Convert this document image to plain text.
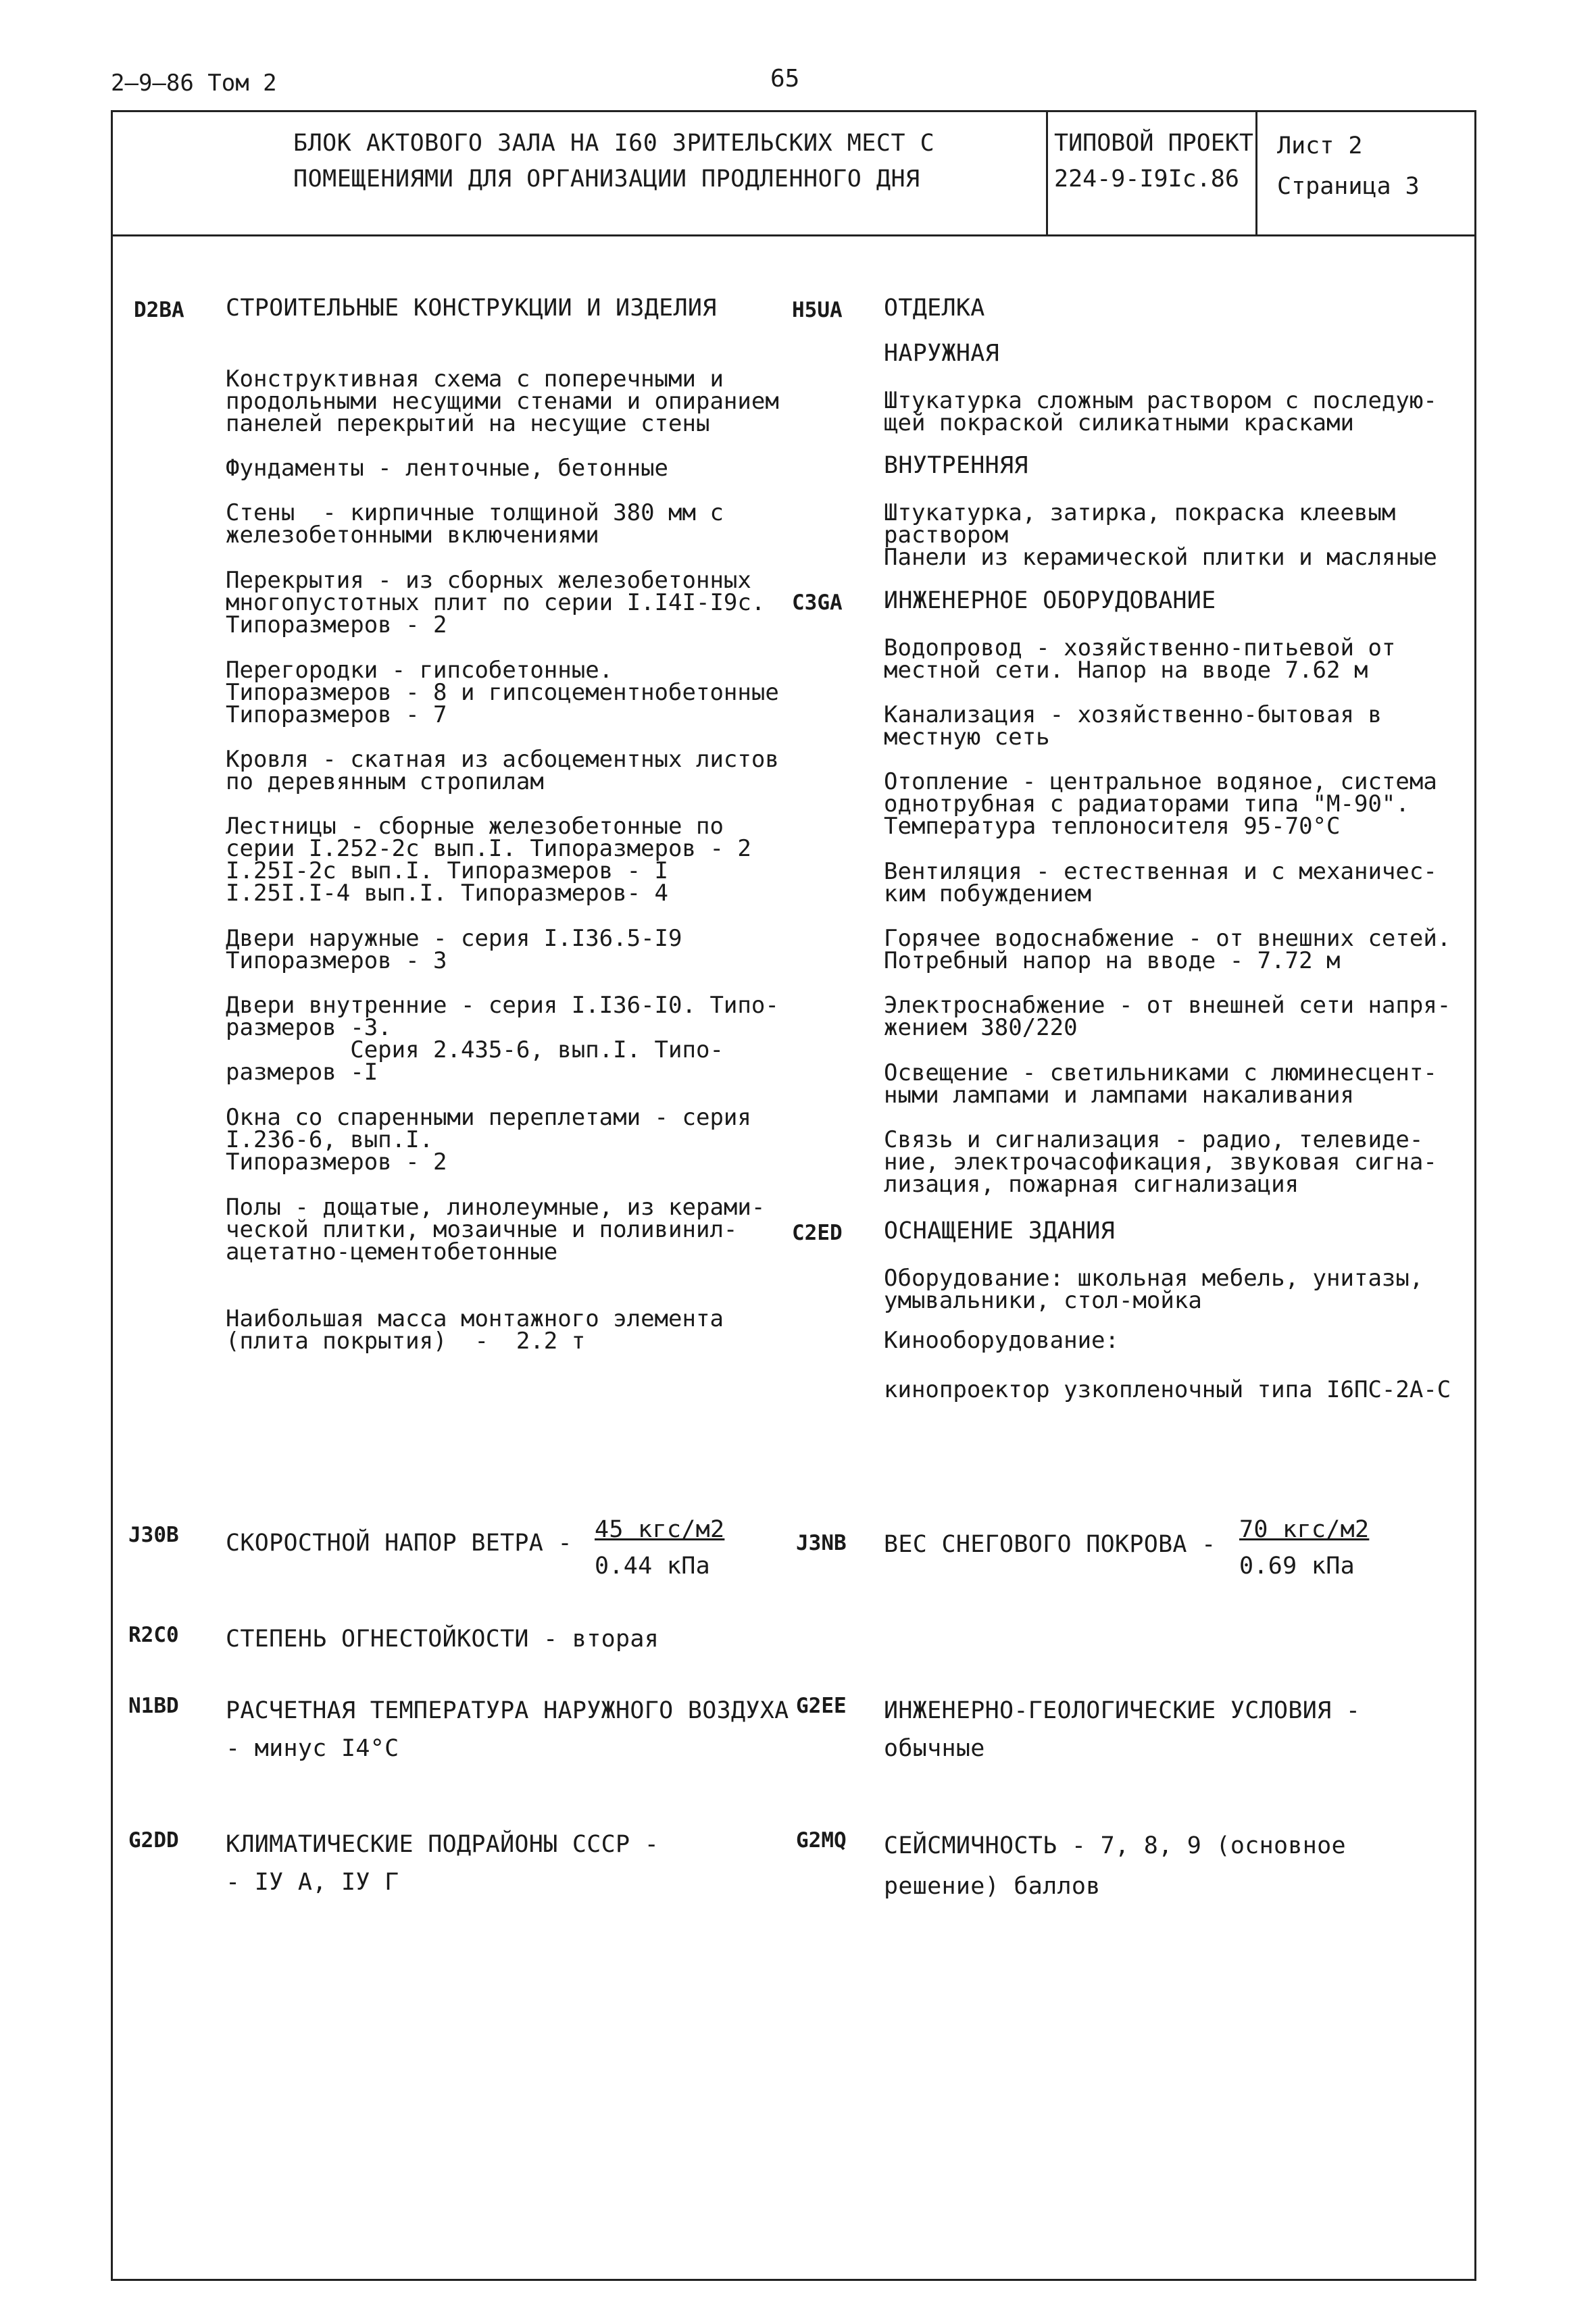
2–9–86 Том 2	65
БЛОК АКТОВОГО ЗАЛА НА I60 ЗРИТЕЛЬСКИХ МЕСТ С
ПОМЕЩЕНИЯМИ ДЛЯ ОРГАНИЗАЦИИ ПРОДЛЕННОГО ДНЯ
ТИПОВОЙ ПРОЕКТ
224-9-I9Iс.86
Лист 2
Страница 3
D2BA СТРОИТЕЛЬНЫЕ КОНСТРУКЦИИ И ИЗДЕЛИЯ
Конструктивная схема с поперечными и
продольными несущими стенами и опиранием
панелей перекрытий на несущие стены
Фундаменты - ленточные, бетонные
Стены  - кирпичные толщиной 380 мм с
железобетонными включениями
Перекрытия - из сборных железобетонных
многопустотных плит по серии I.I4I-I9с.
Типоразмеров - 2
Перегородки - гипсобетонные.
Типоразмеров - 8 и гипсоцементнобетонные
Типоразмеров - 7
Кровля - скатная из асбоцементных листов
по деревянным стропилам
Лестницы - сборные железобетонные по
серии I.252-2с вып.I. Типоразмеров - 2
I.25I-2с вып.I. Типоразмеров - I
I.25I.I-4 вып.I. Типоразмеров- 4
Двери наружные - серия I.I36.5-I9
Типоразмеров - 3
Двери внутренние - серия I.I36-I0. Типо-
размеров -3.
Серия 2.435-6, вып.I. Типо-
размеров -I
Окна со спаренными переплетами - серия
I.236-6, вып.I.
Типоразмеров - 2
Полы - дощатые, линолеумные, из керами-
ческой плитки, мозаичные и поливинил-
ацетатно-цементобетонные
Наибольшая масса монтажного элемента
(плита покрытия)  -  2.2 т
H5UA ОТДЕЛКА
НАРУЖНАЯ
Штукатурка сложным раствором с последую-
щей покраской силикатными красками
ВНУТРЕННЯЯ
Штукатурка, затирка, покраска клеевым
раствором
Панели из керамической плитки и масляные
C3GA ИНЖЕНЕРНОЕ ОБОРУДОВАНИЕ
Водопровод - хозяйственно-питьевой от
местной сети. Напор на вводе 7.62 м
Канализация - хозяйственно-бытовая в
местную сеть
Отопление - центральное водяное, система
однотрубная с радиаторами типа "М-90".
Температура теплоносителя 95-70°С
Вентиляция - естественная и с механичес-
ким побуждением
Горячее водоснабжение - от внешних сетей.
Потребный напор на вводе - 7.72 м
Электроснабжение - от внешней сети напря-
жением 380/220
Освещение - светильниками с люминесцент-
ными лампами и лампами накаливания
Связь и сигнализация - радио, телевиде-
ние, электрочасофикация, звуковая сигна-
лизация, пожарная сигнализация
C2ED ОСНАЩЕНИЕ ЗДАНИЯ
Оборудование: школьная мебель, унитазы,
умывальники, стол-мойка
Кинооборудование:
кинопроектор узкопленочный типа I6ПС-2А-С
J30B СКОРОСТНОЙ НАПОР ВЕТРА - 45 кгс/м2
0.44 кПа
J3NB ВЕС СНЕГОВОГО ПОКРОВА -
70 кгс/м2
0.69 кПа
R2C0 СТЕПЕНЬ ОГНЕСТОЙКОСТИ - вторая
N1BD РАСЧЕТНАЯ ТЕМПЕРАТУРА НАРУЖНОГО ВОЗДУХА
- минус I4°С
G2EE ИНЖЕНЕРНО-ГЕОЛОГИЧЕСКИЕ УСЛОВИЯ -
обычные
G2DD КЛИМАТИЧЕСКИЕ ПОДРАЙОНЫ СССР -
- IУ А, IУ Г
G2MQ СЕЙСМИЧНОСТЬ - 7, 8, 9 (основное
решение) баллов
